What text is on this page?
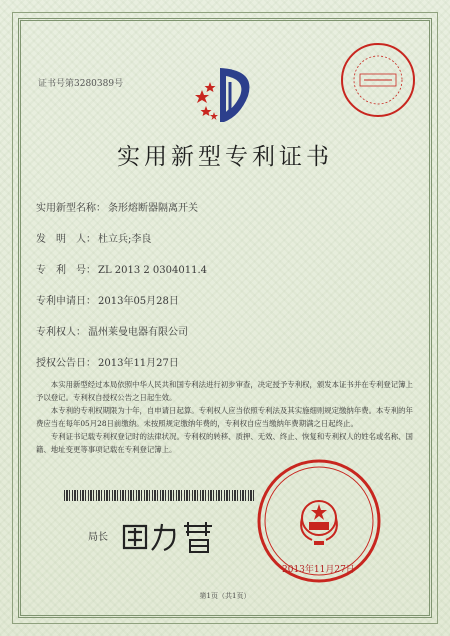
证书号第3280389号
实用新型专利证书
实用新型名称： 条形熔断器隔离开关
发　明　人： 杜立兵;李良
专　利　号： ZL 2013 2 0304011.4
专利申请日： 2013年05月28日
专利权人： 温州莱曼电器有限公司
授权公告日： 2013年11月27日

本实用新型经过本局依照中华人民共和国专利法进行初步审查，决定授予专利权，颁发本证书并在专利登记簿上予以登记。专利权自授权公告之日起生效。

本专利的专利权期限为十年，自申请日起算。专利权人应当依照专利法及其实施细则规定缴纳年费。本专利的年费应当在每年05月28日前缴纳。未按照规定缴纳年费的，专利权自应当缴纳年费期满之日起终止。

专利证书记载专利权登记时的法律状况。专利权的转移、质押、无效、终止、恢复和专利权人的姓名或名称、国籍、地址变更等事项记载在专利登记簿上。

局长
2013年11月27日
第1页（共1页）
